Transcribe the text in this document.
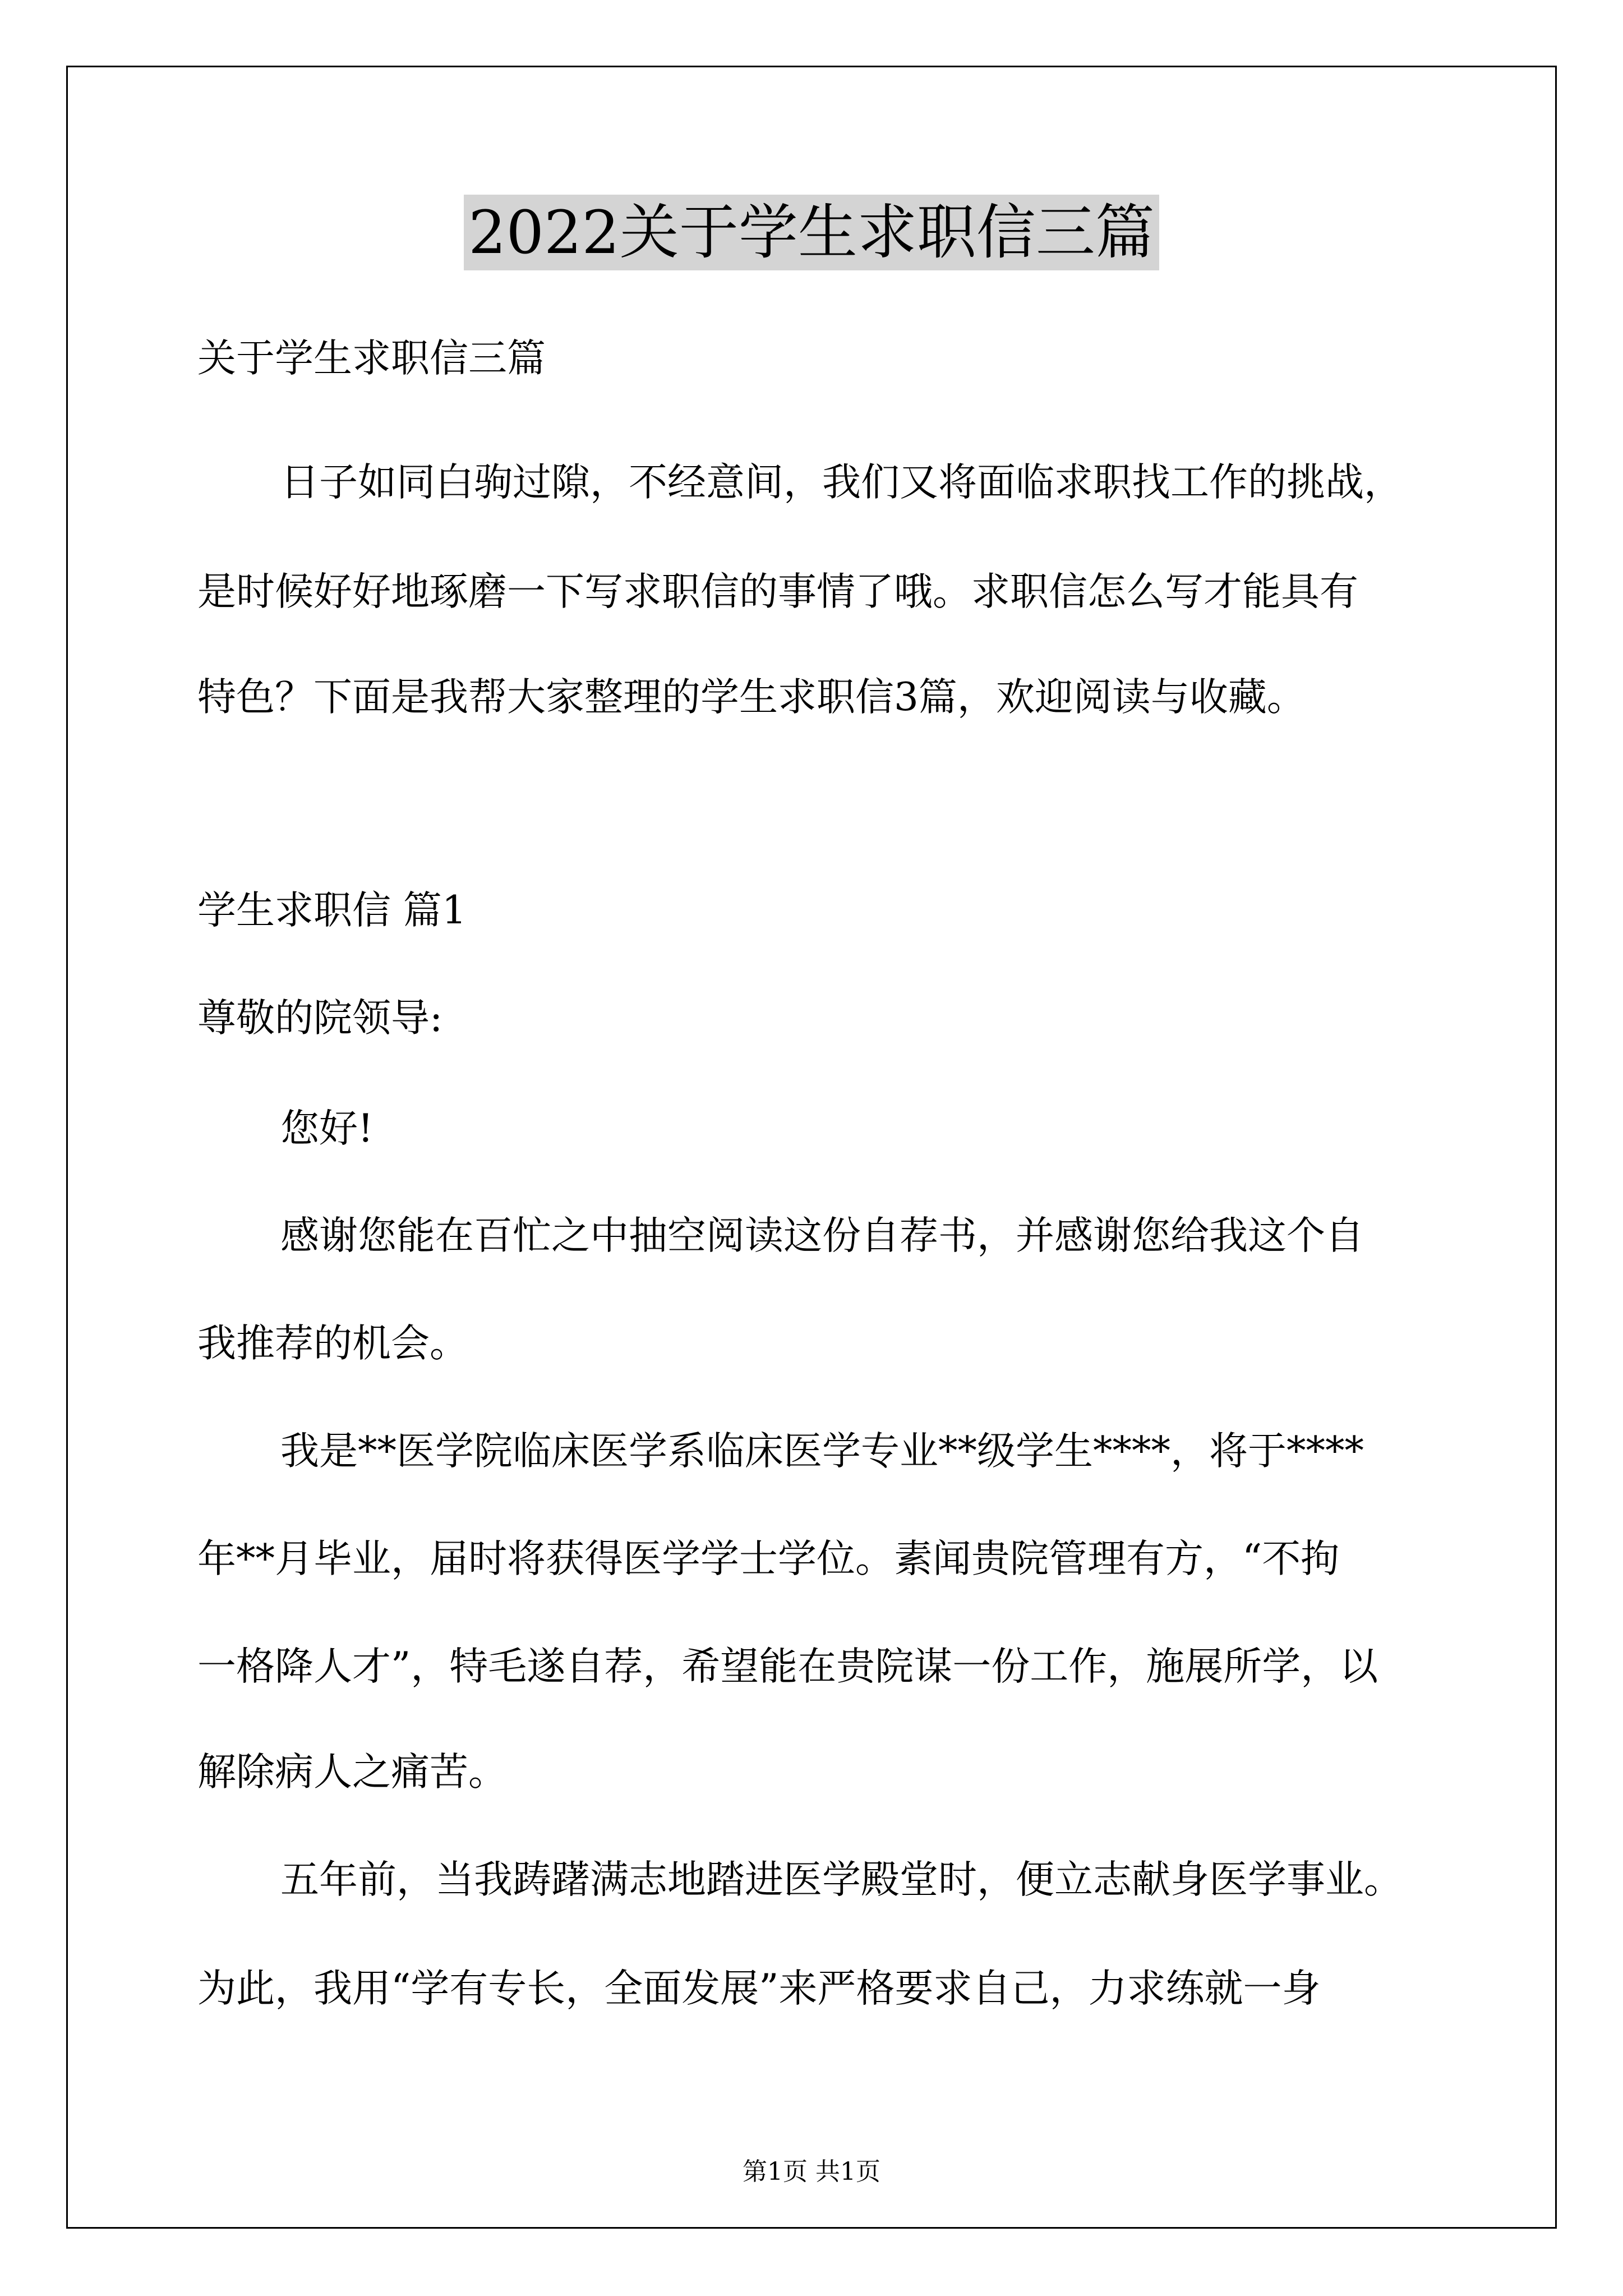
2022关于学生求职信三篇

关于学生求职信三篇

日子如同白驹过隙，不经意间，我们又将面临求职找工作的挑战，

是时候好好地琢磨一下写求职信的事情了哦。求职信怎么写才能具有

特色？下面是我帮大家整理的学生求职信3篇，欢迎阅读与收藏。

学生求职信 篇1

尊敬的院领导:

您好!

感谢您能在百忙之中抽空阅读这份自荐书，并感谢您给我这个自

我推荐的机会。

我是**医学院临床医学系临床医学专业**级学生****，将于****

年**月毕业，届时将获得医学学士学位。素闻贵院管理有方，“不拘

一格降人才”，特毛遂自荐，希望能在贵院谋一份工作，施展所学，以

解除病人之痛苦。

五年前，当我踌躇满志地踏进医学殿堂时，便立志献身医学事业。

为此，我用“学有专长，全面发展”来严格要求自己，力求练就一身

第1页 共1页
